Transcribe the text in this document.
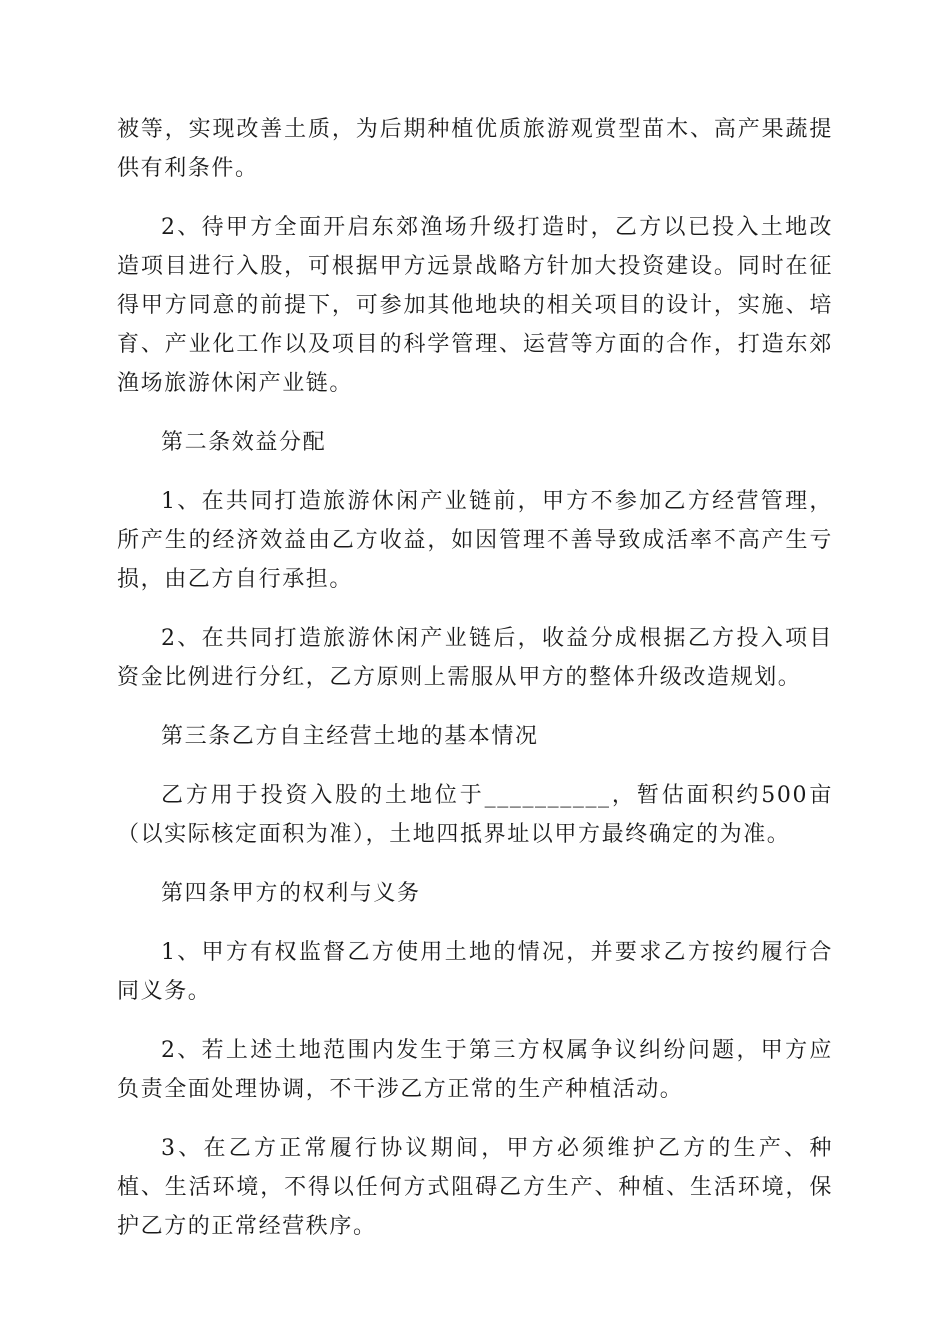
被等，实现改善土质，为后期种植优质旅游观赏型苗木、高产果蔬提供有利条件。

2、待甲方全面开启东郊渔场升级打造时，乙方以已投入土地改造项目进行入股，可根据甲方远景战略方针加大投资建设。同时在征得甲方同意的前提下，可参加其他地块的相关项目的设计，实施、培育、产业化工作以及项目的科学管理、运营等方面的合作，打造东郊渔场旅游休闲产业链。

第二条效益分配

1、在共同打造旅游休闲产业链前，甲方不参加乙方经营管理，所产生的经济效益由乙方收益，如因管理不善导致成活率不高产生亏损，由乙方自行承担。

2、在共同打造旅游休闲产业链后，收益分成根据乙方投入项目资金比例进行分红，乙方原则上需服从甲方的整体升级改造规划。

第三条乙方自主经营土地的基本情况

乙方用于投资入股的土地位于__________，暂估面积约500亩（以实际核定面积为准），土地四抵界址以甲方最终确定的为准。

第四条甲方的权利与义务

1、甲方有权监督乙方使用土地的情况，并要求乙方按约履行合同义务。

2、若上述土地范围内发生于第三方权属争议纠纷问题，甲方应负责全面处理协调，不干涉乙方正常的生产种植活动。

3、在乙方正常履行协议期间，甲方必须维护乙方的生产、种植、生活环境，不得以任何方式阻碍乙方生产、种植、生活环境，保护乙方的正常经营秩序。
